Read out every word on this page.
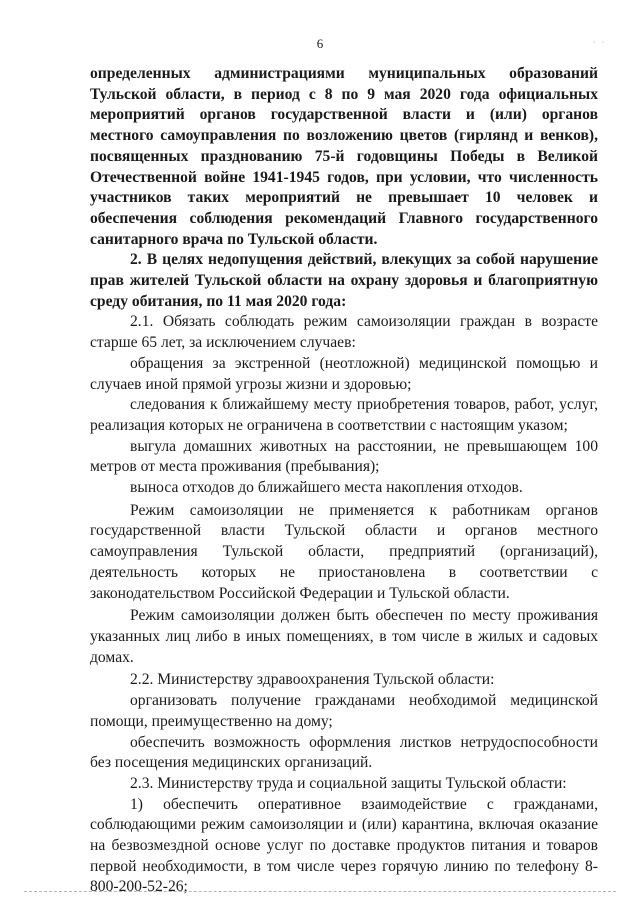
6	· ·

определенных администрациями муниципальных образований Тульской области, в период с 8 по 9 мая 2020 года официальных мероприятий органов государственной власти и (или) органов местного самоуправления по возложению цветов (гирлянд и венков), посвященных празднованию 75-й годовщины Победы в Великой Отечественной войне 1941-1945 годов, при условии, что численность участников таких мероприятий не превышает 10 человек и обеспечения соблюдения рекомендаций Главного государственного санитарного врача по Тульской области.

2. В целях недопущения действий, влекущих за собой нарушение прав жителей Тульской области на охрану здоровья и благоприятную среду обитания, по 11 мая 2020 года:

2.1. Обязать соблюдать режим самоизоляции граждан в возрасте старше 65 лет, за исключением случаев:

обращения за экстренной (неотложной) медицинской помощью и случаев иной прямой угрозы жизни и здоровью;

следования к ближайшему месту приобретения товаров, работ, услуг, реализация которых не ограничена в соответствии с настоящим указом;

выгула домашних животных на расстоянии, не превышающем 100 метров от места проживания (пребывания);

выноса отходов до ближайшего места накопления отходов.

Режим самоизоляции не применяется к работникам органов государственной власти Тульской области и органов местного самоуправления Тульской области, предприятий (организаций), деятельность которых не приостановлена в соответствии с законодательством Российской Федерации и Тульской области.

Режим самоизоляции должен быть обеспечен по месту проживания указанных лиц либо в иных помещениях, в том числе в жилых и садовых домах.

2.2. Министерству здравоохранения Тульской области:

организовать получение гражданами необходимой медицинской помощи, преимущественно на дому;

обеспечить возможность оформления листков нетрудоспособности без посещения медицинских организаций.

2.3. Министерству труда и социальной защиты Тульской области:

1) обеспечить оперативное взаимодействие с гражданами, соблюдающими режим самоизоляции и (или) карантина, включая оказание на безвозмездной основе услуг по доставке продуктов питания и товаров первой необходимости, в том числе через горячую линию по телефону 8-800-200-52-26;
